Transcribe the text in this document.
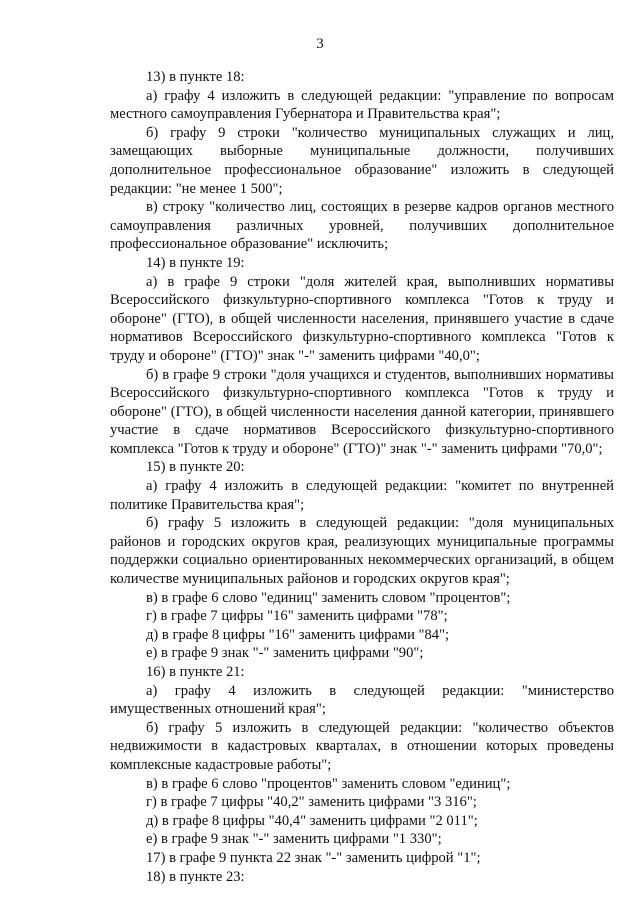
3

13) в пункте 18:

а) графу 4 изложить в следующей редакции: "управление по вопросам местного самоуправления Губернатора и Правительства края";

б) графу 9 строки "количество муниципальных служащих и лиц, замещающих выборные муниципальные должности, получивших дополнительное профессиональное образование" изложить в следующей редакции: "не менее 1 500";

в) строку "количество лиц, состоящих в резерве кадров органов местного самоуправления различных уровней, получивших дополнительное профессиональное образование" исключить;

14) в пункте 19:

а) в графе 9 строки "доля жителей края, выполнивших нормативы Всероссийского физкультурно-спортивного комплекса "Готов к труду и обороне" (ГТО), в общей численности населения, принявшего участие в сдаче нормативов Всероссийского физкультурно-спортивного комплекса "Готов к труду и обороне" (ГТО)" знак "-" заменить цифрами "40,0";

б) в графе 9 строки "доля учащихся и студентов, выполнивших нормативы Всероссийского физкультурно-спортивного комплекса "Готов к труду и обороне" (ГТО), в общей численности населения данной категории, принявшего участие в сдаче нормативов Всероссийского физкультурно-спортивного комплекса "Готов к труду и обороне" (ГТО)" знак "-" заменить цифрами "70,0";

15) в пункте 20:

а) графу 4 изложить в следующей редакции: "комитет по внутренней политике Правительства края";

б) графу 5 изложить в следующей редакции: "доля муниципальных районов и городских округов края, реализующих муниципальные программы поддержки социально ориентированных некоммерческих организаций, в общем количестве муниципальных районов и городских округов края";

в) в графе 6 слово "единиц" заменить словом "процентов";

г) в графе 7 цифры "16" заменить цифрами "78";

д) в графе 8 цифры "16" заменить цифрами "84";

е) в графе 9 знак "-" заменить цифрами "90";

16) в пункте 21:

а) графу 4 изложить в следующей редакции: "министерство имущественных отношений края";

б) графу 5 изложить в следующей редакции: "количество объектов недвижимости в кадастровых кварталах, в отношении которых проведены комплексные кадастровые работы";

в) в графе 6 слово "процентов" заменить словом "единиц";

г) в графе 7 цифры "40,2" заменить цифрами "3 316";

д) в графе 8 цифры "40,4" заменить цифрами "2 011";

е) в графе 9 знак "-" заменить цифрами "1 330";

17) в графе 9 пункта 22 знак "-" заменить цифрой "1";

18) в пункте 23:
